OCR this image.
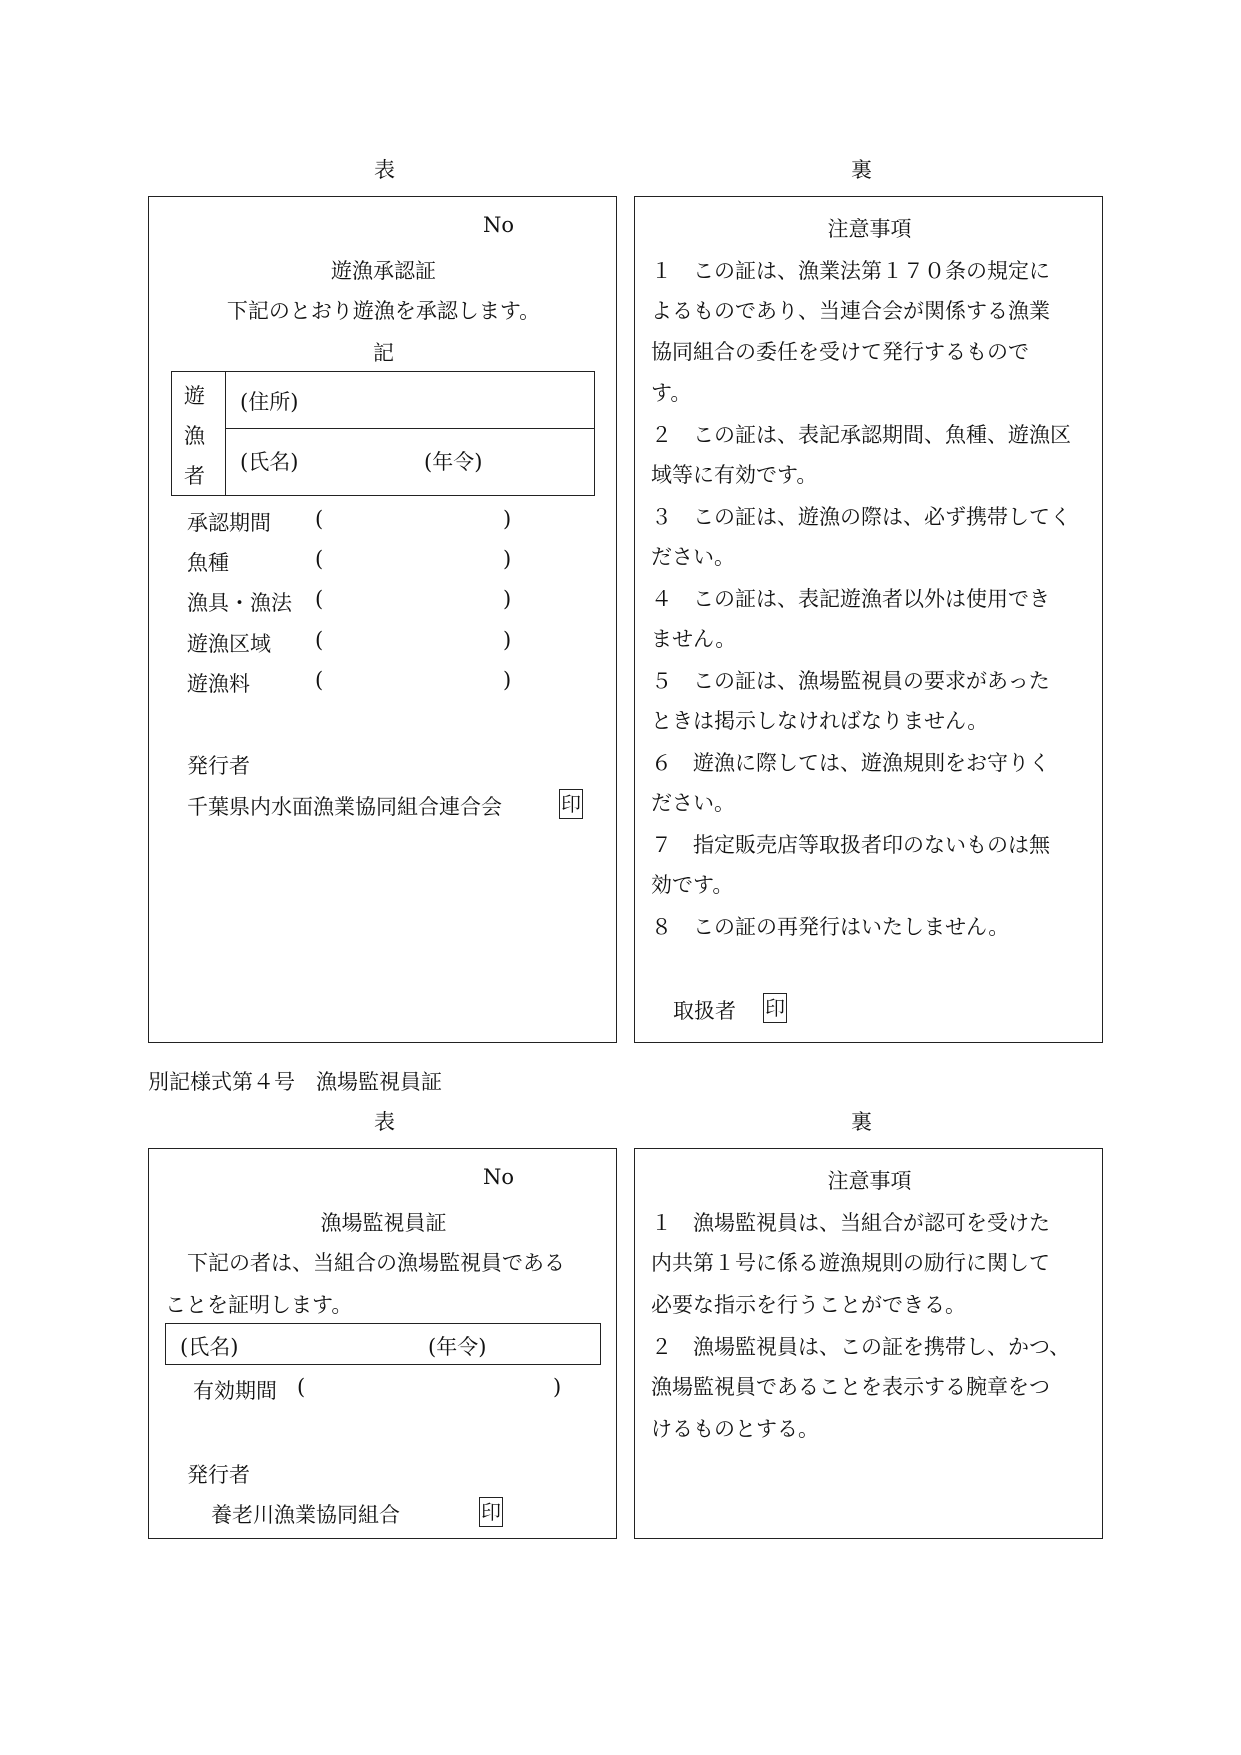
表	裏
No
遊漁承認証
下記のとおり遊漁を承認します。
記
遊
漁
者
(住所)
(氏名)	(年令)
承認期間 (	)
魚種	(	)
漁具・漁法 (	)
遊漁区域 (	)
遊漁料	(	)
発行者
千葉県内水面漁業協同組合連合会	印
注意事項
１　この証は、漁業法第１７０条の規定に
よるものであり、当連合会が関係する漁業
協同組合の委任を受けて発行するもので
す。
２　この証は、表記承認期間、魚種、遊漁区
域等に有効です。
３　この証は、遊漁の際は、必ず携帯してく
ださい。
４　この証は、表記遊漁者以外は使用でき
ません。
５　この証は、漁場監視員の要求があった
ときは掲示しなければなりません。
６　遊漁に際しては、遊漁規則をお守りく
ださい。
７　指定販売店等取扱者印のないものは無
効です。
８　この証の再発行はいたしません。
取扱者 印
別記様式第４号　漁場監視員証
表	裏
No
漁場監視員証
下記の者は、当組合の漁場監視員である
ことを証明します。
(氏名)	(年令)
有効期間 (	)
発行者
養老川漁業協同組合	印
注意事項
１　漁場監視員は、当組合が認可を受けた
内共第１号に係る遊漁規則の励行に関して
必要な指示を行うことができる。
２　漁場監視員は、この証を携帯し、かつ、
漁場監視員であることを表示する腕章をつ
けるものとする。
